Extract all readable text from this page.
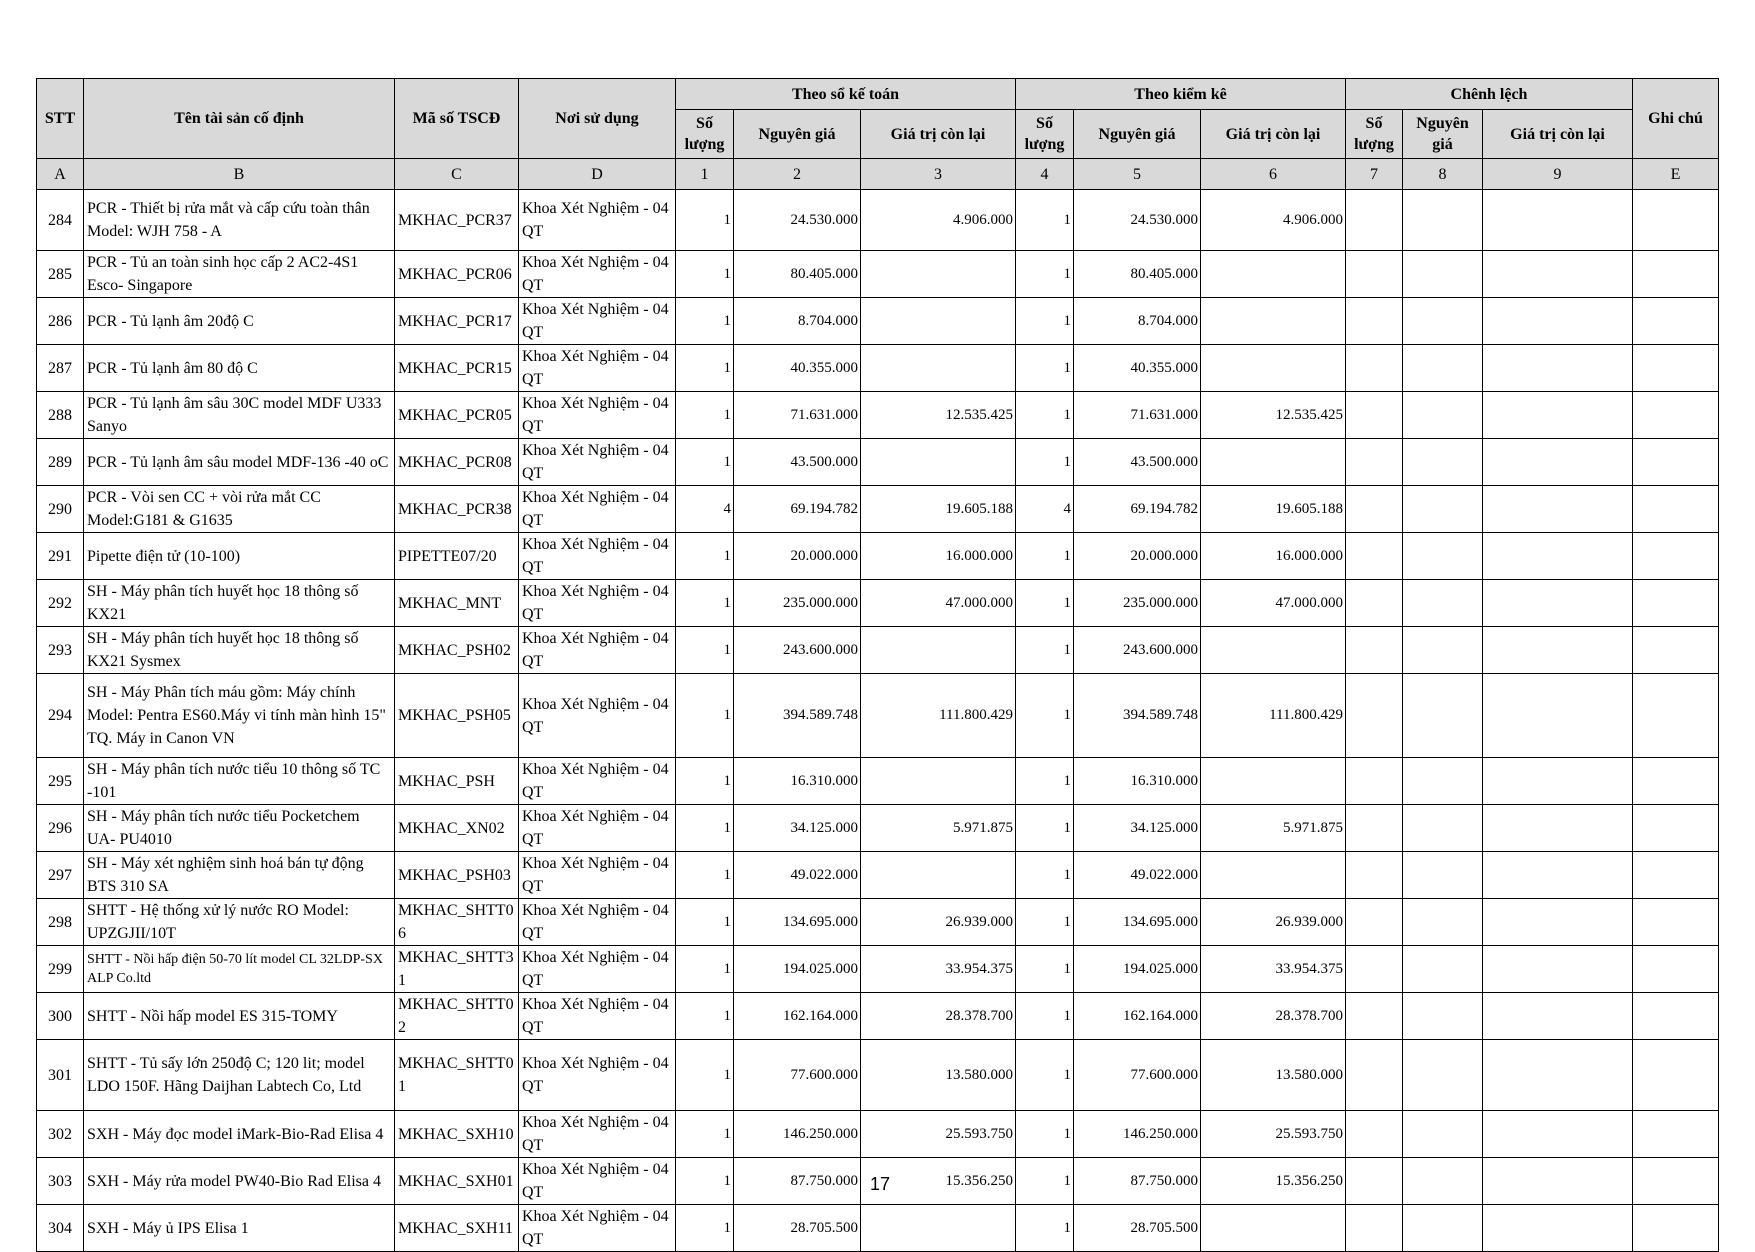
STT	Tên tài sản cố định	Mã số TSCĐ	Nơi sử dụng	Theo sổ kế toán			Theo kiểm kê			Chênh lệch			Ghi chú
				Số lượng	Nguyên giá	Giá trị còn lại	Số lượng	Nguyên giá	Giá trị còn lại	Số lượng	Nguyên giá	Giá trị còn lại	
A	B	C	D	1	2	3	4	5	6	7	8	9	E
284	PCR - Thiết bị rửa mắt và cấp cứu toàn thân Model: WJH 758 - A	MKHAC_PCR37	Khoa Xét Nghiệm - 04 QT	1	24.530.000	4.906.000	1	24.530.000	4.906.000				
285	PCR - Tủ an toàn sinh học cấp 2 AC2-4S1 Esco- Singapore	MKHAC_PCR06	Khoa Xét Nghiệm - 04 QT	1	80.405.000		1	80.405.000					
286	PCR - Tủ lạnh âm 20độ C	MKHAC_PCR17	Khoa Xét Nghiệm - 04 QT	1	8.704.000		1	8.704.000					
287	PCR - Tủ lạnh âm 80 độ C	MKHAC_PCR15	Khoa Xét Nghiệm - 04 QT	1	40.355.000		1	40.355.000					
288	PCR - Tủ lạnh âm sâu 30C model MDF U333 Sanyo	MKHAC_PCR05	Khoa Xét Nghiệm - 04 QT	1	71.631.000	12.535.425	1	71.631.000	12.535.425				
289	PCR - Tủ lạnh âm sâu model MDF-136 -40 oC	MKHAC_PCR08	Khoa Xét Nghiệm - 04 QT	1	43.500.000		1	43.500.000					
290	PCR - Vòi sen CC + vòi rửa mắt CC Model:G181 & G1635	MKHAC_PCR38	Khoa Xét Nghiệm - 04 QT	4	69.194.782	19.605.188	4	69.194.782	19.605.188				
291	Pipette điện tử (10-100)	PIPETTE07/20	Khoa Xét Nghiệm - 04 QT	1	20.000.000	16.000.000	1	20.000.000	16.000.000				
292	SH - Máy phân tích huyết học 18 thông số KX21	MKHAC_MNT	Khoa Xét Nghiệm - 04 QT	1	235.000.000	47.000.000	1	235.000.000	47.000.000				
293	SH - Máy phân tích huyết học 18 thông số KX21 Sysmex	MKHAC_PSH02	Khoa Xét Nghiệm - 04 QT	1	243.600.000		1	243.600.000					
294	SH - Máy Phân tích máu gồm: Máy chính Model: Pentra ES60.Máy vi tính màn hình 15" TQ. Máy in Canon VN	MKHAC_PSH05	Khoa Xét Nghiệm - 04 QT	1	394.589.748	111.800.429	1	394.589.748	111.800.429				
295	SH - Máy phân tích nước tiểu 10 thông số TC -101	MKHAC_PSH	Khoa Xét Nghiệm - 04 QT	1	16.310.000		1	16.310.000					
296	SH - Máy phân tích nước tiểu Pocketchem UA- PU4010	MKHAC_XN02	Khoa Xét Nghiệm - 04 QT	1	34.125.000	5.971.875	1	34.125.000	5.971.875				
297	SH - Máy xét nghiệm sinh hoá bán tự động BTS 310 SA	MKHAC_PSH03	Khoa Xét Nghiệm - 04 QT	1	49.022.000		1	49.022.000					
298	SHTT - Hệ thống xử lý nước RO Model: UPZGJII/10T	MKHAC_SHTT06	Khoa Xét Nghiệm - 04 QT	1	134.695.000	26.939.000	1	134.695.000	26.939.000				
299	SHTT - Nồi hấp điện 50-70 lít model CL 32LDP-SX ALP Co.ltd	MKHAC_SHTT31	Khoa Xét Nghiệm - 04 QT	1	194.025.000	33.954.375	1	194.025.000	33.954.375				
300	SHTT - Nồi hấp model ES 315-TOMY	MKHAC_SHTT02	Khoa Xét Nghiệm - 04 QT	1	162.164.000	28.378.700	1	162.164.000	28.378.700				
301	SHTT - Tủ sấy lớn 250độ C; 120 lit; model LDO 150F. Hãng Daijhan Labtech Co, Ltd	MKHAC_SHTT01	Khoa Xét Nghiệm - 04 QT	1	77.600.000	13.580.000	1	77.600.000	13.580.000				
302	SXH - Máy đọc model iMark-Bio-Rad Elisa 4	MKHAC_SXH10	Khoa Xét Nghiệm - 04 QT	1	146.250.000	25.593.750	1	146.250.000	25.593.750				
303	SXH - Máy rửa model PW40-Bio Rad Elisa 4	MKHAC_SXH01	Khoa Xét Nghiệm - 04 QT	1	87.750.000	15.356.250	1	87.750.000	15.356.250				
304	SXH - Máy ủ IPS Elisa 1	MKHAC_SXH11	Khoa Xét Nghiệm - 04 QT	1	28.705.500		1	28.705.500					
17
